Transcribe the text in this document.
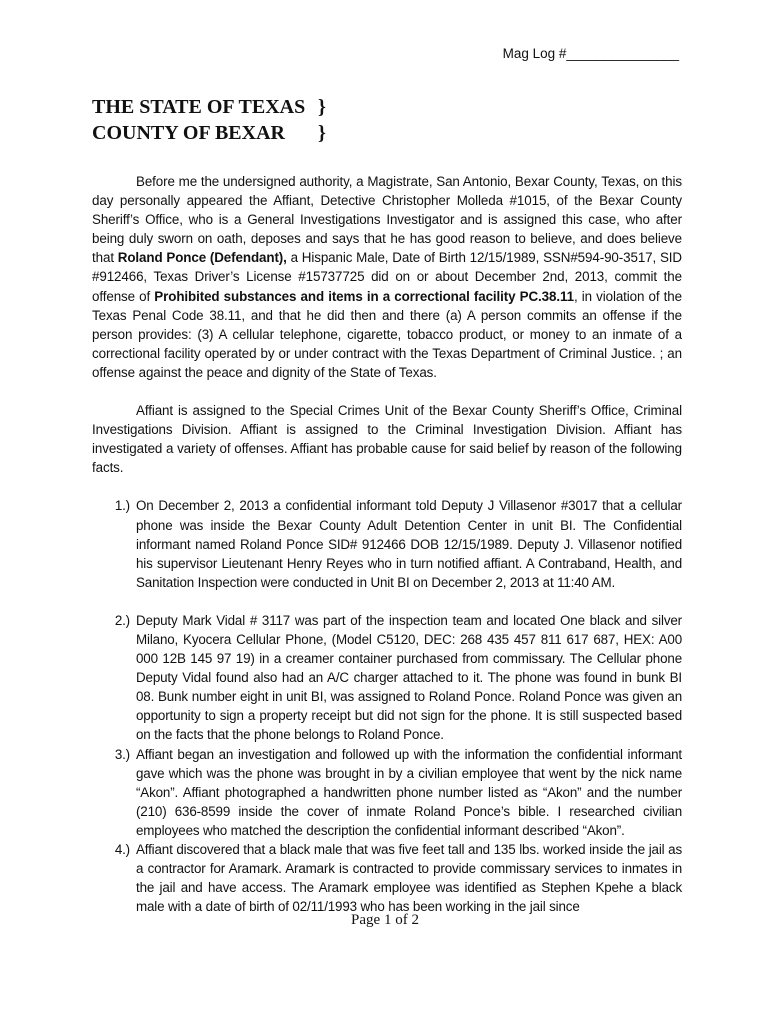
Mag Log #_______________
THE STATE OF TEXAS }
COUNTY OF BEXAR	}

Before me the undersigned authority, a Magistrate, San Antonio, Bexar County, Texas, on this day personally appeared the Affiant, Detective Christopher Molleda #1015, of the Bexar County Sheriff’s Office, who is a General Investigations Investigator and is assigned this case, who after being duly sworn on oath, deposes and says that he has good reason to believe, and does believe that Roland Ponce (Defendant), a Hispanic Male, Date of Birth 12/15/1989, SSN#594-90-3517, SID #912466, Texas Driver’s License #15737725 did on or about December 2nd, 2013, commit the offense of Prohibited substances and items in a correctional facility PC.38.11, in violation of the Texas Penal Code 38.11, and that he did then and there (a) A person commits an offense if the person provides: (3) A cellular telephone, cigarette, tobacco product, or money to an inmate of a correctional facility operated by or under contract with the Texas Department of Criminal Justice. ; an offense against the peace and dignity of the State of Texas.

Affiant is assigned to the Special Crimes Unit of the Bexar County Sheriff’s Office, Criminal Investigations Division. Affiant is assigned to the Criminal Investigation Division. Affiant has investigated a variety of offenses. Affiant has probable cause for said belief by reason of the following facts.

1.) On December 2, 2013 a confidential informant told Deputy J Villasenor #3017 that a cellular phone was inside the Bexar County Adult Detention Center in unit BI. The Confidential informant named Roland Ponce SID# 912466 DOB 12/15/1989. Deputy J. Villasenor notified his supervisor Lieutenant Henry Reyes who in turn notified affiant. A Contraband, Health, and Sanitation Inspection were conducted in Unit BI on December 2, 2013 at 11:40 AM.
2.) Deputy Mark Vidal # 3117 was part of the inspection team and located One black and silver Milano, Kyocera Cellular Phone, (Model C5120, DEC: 268 435 457 811 617 687, HEX: A00 000 12B 145 97 19) in a creamer container purchased from commissary. The Cellular phone Deputy Vidal found also had an A/C charger attached to it. The phone was found in bunk BI 08. Bunk number eight in unit BI, was assigned to Roland Ponce. Roland Ponce was given an opportunity to sign a property receipt but did not sign for the phone. It is still suspected based on the facts that the phone belongs to Roland Ponce.
3.) Affiant began an investigation and followed up with the information the confidential informant gave which was the phone was brought in by a civilian employee that went by the nick name “Akon”. Affiant photographed a handwritten phone number listed as “Akon” and the number (210) 636-8599 inside the cover of inmate Roland Ponce’s bible. I researched civilian employees who matched the description the confidential informant described “Akon”.
4.) Affiant discovered that a black male that was five feet tall and 135 lbs. worked inside the jail as a contractor for Aramark. Aramark is contracted to provide commissary services to inmates in the jail and have access. The Aramark employee was identified as Stephen Kpehe a black male with a date of birth of 02/11/1993 who has been working in the jail since
Page 1 of 2
